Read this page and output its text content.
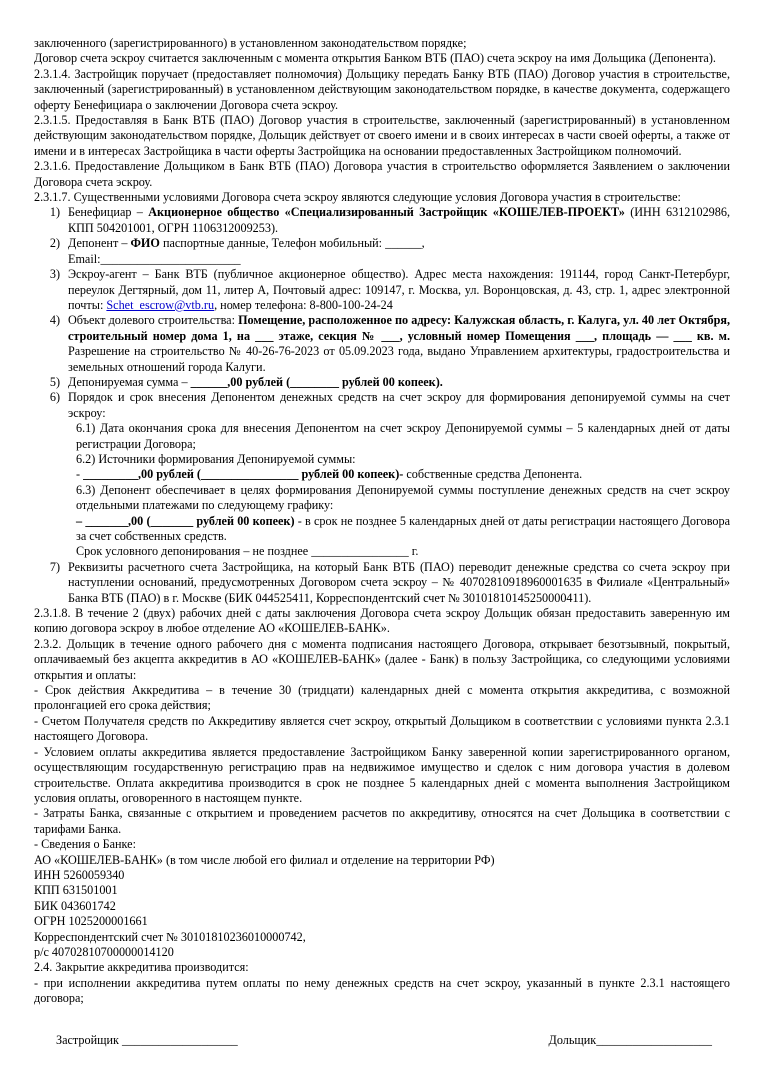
заключенного (зарегистрированного) в установленном законодательством порядке;

Договор счета эскроу считается заключенным с момента открытия Банком ВТБ (ПАО) счета эскроу на имя Дольщика (Депонента).

2.3.1.4. Застройщик поручает (предоставляет полномочия) Дольщику передать Банку ВТБ (ПАО) Договор участия в строительстве, заключенный (зарегистрированный) в установленном действующим законодательством порядке, в качестве документа, содержащего оферту Бенефициара о заключении Договора счета эскроу.

2.3.1.5. Предоставляя в Банк ВТБ (ПАО) Договор участия в строительстве, заключенный (зарегистрированный) в установленном действующим законодательством порядке, Дольщик действует от своего имени и в своих интересах в части своей оферты, а также от имени и в интересах Застройщика в части оферты Застройщика на основании предоставленных Застройщиком полномочий.

2.3.1.6. Предоставление Дольщиком в Банк ВТБ (ПАО) Договора участия в строительство оформляется Заявлением о заключении Договора счета эскроу.

2.3.1.7. Существенными условиями Договора счета эскроу являются следующие условия Договора участия в строительстве:

1) Бенефициар – Акционерное общество «Специализированный Застройщик «КОШЕЛЕВ-ПРОЕКТ» (ИНН 6312102986, КПП 504201001, ОГРН 1106312009253).
2) Депонент – ФИО паспортные данные, Телефон мобильный: ______,
Email:_______________________
3) Эскроу-агент – Банк ВТБ (публичное акционерное общество). Адрес места нахождения: 191144, город Санкт-Петербург, переулок Дегтярный, дом 11, литер А, Почтовый адрес: 109147, г. Москва, ул. Воронцовская, д. 43, стр. 1, адрес электронной почты: Schet_escrow@vtb.ru, номер телефона: 8-800-100-24-24
4) Объект долевого строительства: Помещение, расположенное по адресу: Калужская область, г. Калуга, ул. 40 лет Октября, строительный номер дома 1, на ___ этаже, секция № ___, условный номер Помещения ___, площадь — ___ кв. м. Разрешение на строительство № 40-26-76-2023 от 05.09.2023 года, выдано Управлением архитектуры, градостроительства и земельных отношений города Калуги.
5) Депонируемая сумма – ______,00 рублей (________ рублей 00 копеек).
6) Порядок и срок внесения Депонентом денежных средств на счет эскроу для формирования депонируемой суммы на счет эскроу:
6.1) Дата окончания срока для внесения Депонентом на счет эскроу Депонируемой суммы – 5 календарных дней от даты регистрации Договора;
6.2) Источники формирования Депонируемой суммы:
- _________,00 рублей (________________ рублей 00 копеек)- собственные средства Депонента.
6.3) Депонент обеспечивает в целях формирования Депонируемой суммы поступление денежных средств на счет эскроу отдельными платежами по следующему графику:
– _______,00 (_______ рублей 00 копеек) - в срок не позднее 5 календарных дней от даты регистрации настоящего Договора за счет собственных средств.
Срок условного депонирования – не позднее ________________ г.
7) Реквизиты расчетного счета Застройщика, на который Банк ВТБ (ПАО) переводит денежные средства со счета эскроу при наступлении оснований, предусмотренных Договором счета эскроу – № 40702810918960001635 в Филиале «Центральный» Банка ВТБ (ПАО) в г. Москве (БИК 044525411, Корреспондентский счет № 30101810145250000411).

2.3.1.8. В течение 2 (двух) рабочих дней с даты заключения Договора счета эскроу Дольщик обязан предоставить заверенную им копию договора эскроу в любое отделение АО «КОШЕЛЕВ-БАНК».

2.3.2. Дольщик в течение одного рабочего дня с момента подписания настоящего Договора, открывает безотзывный, покрытый, оплачиваемый без акцепта аккредитив в АО «КОШЕЛЕВ-БАНК» (далее - Банк) в пользу Застройщика, со следующими условиями открытия и оплаты:

- Срок действия Аккредитива – в течение 30 (тридцати) календарных дней с момента открытия аккредитива, с возможной пролонгацией его срока действия;

- Счетом Получателя средств по Аккредитиву является счет эскроу, открытый Дольщиком в соответствии с условиями пункта 2.3.1 настоящего Договора.

- Условием оплаты аккредитива является предоставление Застройщиком Банку заверенной копии зарегистрированного органом, осуществляющим государственную регистрацию прав на недвижимое имущество и сделок с ним договора участия в долевом строительстве. Оплата аккредитива производится в срок не позднее 5 календарных дней с момента выполнения Застройщиком условия оплаты, оговоренного в настоящем пункте.

- Затраты Банка, связанные с открытием и проведением расчетов по аккредитиву, относятся на счет Дольщика в соответствии с тарифами Банка.

- Сведения о Банке:

АО «КОШЕЛЕВ-БАНК» (в том числе любой его филиал и отделение на территории РФ)

ИНН 5260059340

КПП 631501001

БИК 043601742

ОГРН 1025200001661

Корреспондентский счет № 30101810236010000742,

р/с 40702810700000014120

2.4. Закрытие аккредитива производится:

- при исполнении аккредитива путем оплаты по нему денежных средств на счет эскроу, указанный в пункте 2.3.1 настоящего договора;

Застройщик ___________________	Дольщик___________________
